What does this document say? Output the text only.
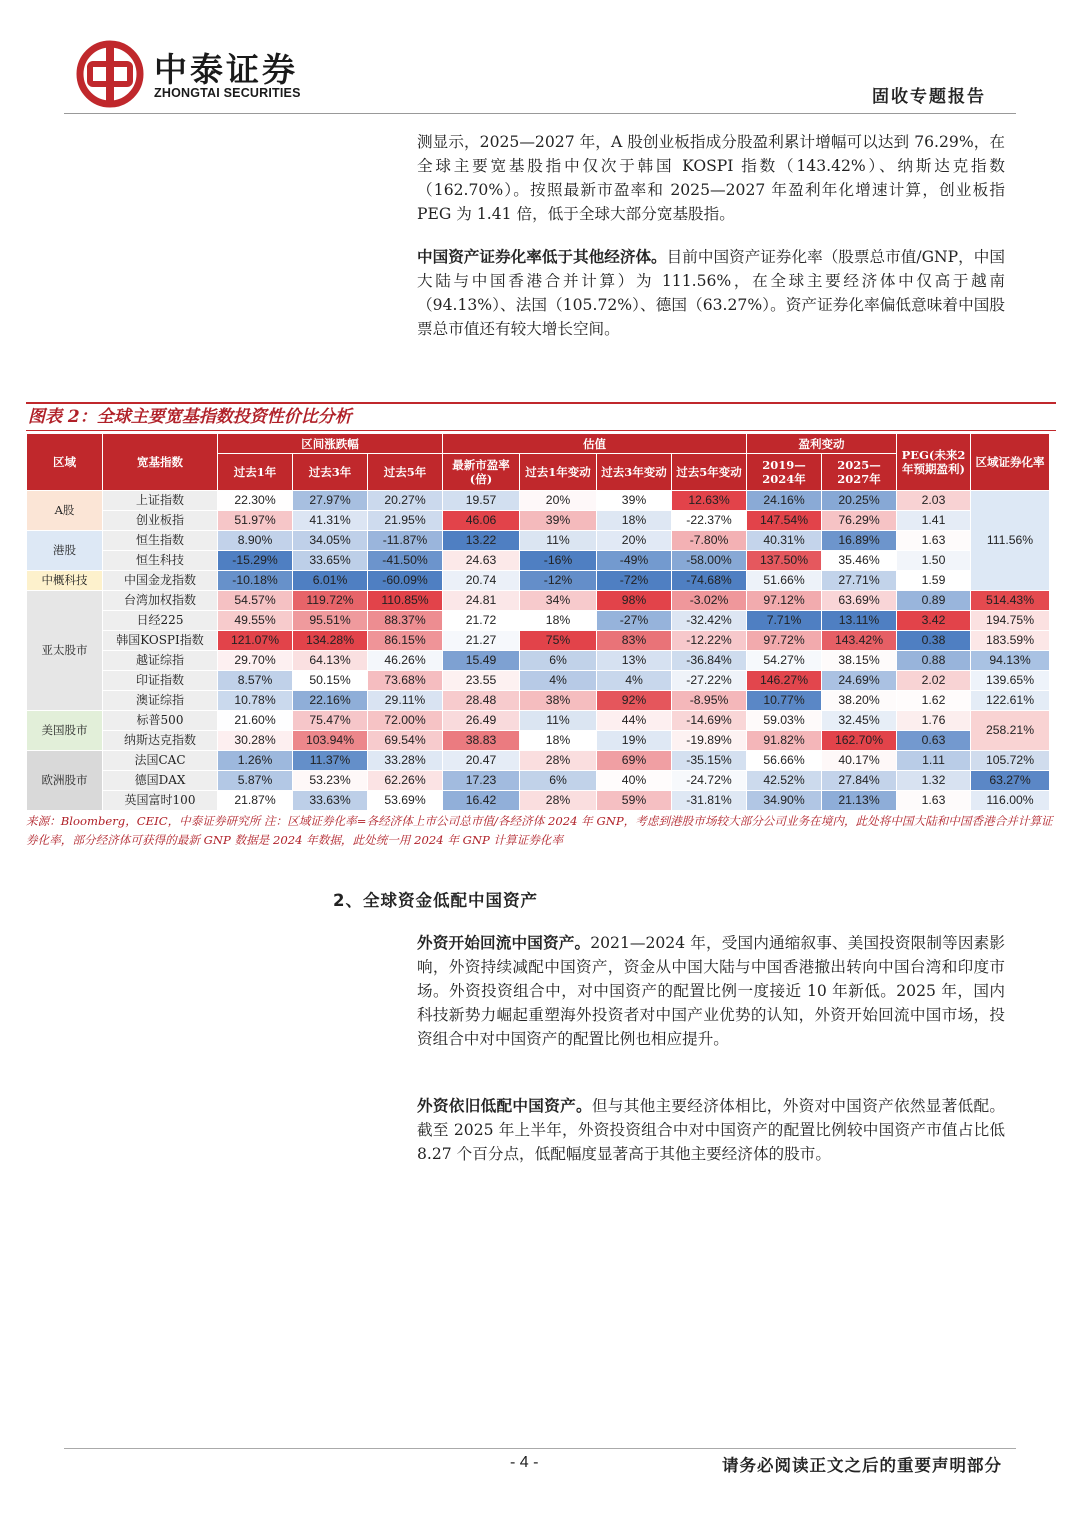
中泰证券
ZHONGTAI SECURITIES	固收专题报告
测显示，2025—2027 年，A 股创业板指成分股盈利累计增幅可以达到 76.29%，在全球主要宽基股指中仅次于韩国 KOSPI 指数（143.42%）、纳斯达克指数（162.70%）。按照最新市盈率和 2025—2027 年盈利年化增速计算，创业板指 PEG 为 1.41 倍，低于全球大部分宽基股指。
中国资产证券化率低于其他经济体。目前中国资产证券化率（股票总市值/GNP，中国大陆与中国香港合并计算）为 111.56%，在全球主要经济体中仅高于越南（94.13%）、法国（105.72%）、德国（63.27%）。资产证券化率偏低意味着中国股票总市值还有较大增长空间。
图表 2：全球主要宽基指数投资性价比分析
区域	宽基指数	区间涨跌幅			估值				盈利变动		PEG(未来2年预期盈利)	区域证券化率
		过去1年	过去3年	过去5年	最新市盈率(倍)	过去1年变动	过去3年变动	过去5年变动	2019—2024年	2025—2027年		
A股	上证指数	22.30%	27.97%	20.27%	19.57	20%	39%	12.63%	24.16%	20.25%	2.03	111.56%
	创业板指	51.97%	41.31%	21.95%	46.06	39%	18%	-22.37%	147.54%	76.29%	1.41	
港股	恒生指数	8.90%	34.05%	-11.87%	13.22	11%	20%	-7.80%	40.31%	16.89%	1.63	
	恒生科技	-15.29%	33.65%	-41.50%	24.63	-16%	-49%	-58.00%	137.50%	35.46%	1.50	
中概科技	中国金龙指数	-10.18%	6.01%	-60.09%	20.74	-12%	-72%	-74.68%	51.66%	27.71%	1.59	
亚太股市	台湾加权指数	54.57%	119.72%	110.85%	24.81	34%	98%	-3.02%	97.12%	63.69%	0.89	514.43%
	日经225	49.55%	95.51%	88.37%	21.72	18%	-27%	-32.42%	7.71%	13.11%	3.42	194.75%
	韩国KOSPI指数	121.07%	134.28%	86.15%	21.27	75%	83%	-12.22%	97.72%	143.42%	0.38	183.59%
	越证综指	29.70%	64.13%	46.26%	15.49	6%	13%	-36.84%	54.27%	38.15%	0.88	94.13%
	印证指数	8.57%	50.15%	73.68%	23.55	4%	4%	-27.22%	146.27%	24.69%	2.02	139.65%
	澳证综指	10.78%	22.16%	29.11%	28.48	38%	92%	-8.95%	10.77%	38.20%	1.62	122.61%
美国股市	标普500	21.60%	75.47%	72.00%	26.49	11%	44%	-14.69%	59.03%	32.45%	1.76	258.21%
	纳斯达克指数	30.28%	103.94%	69.54%	38.83	18%	19%	-19.89%	91.82%	162.70%	0.63	
欧洲股市	法国CAC	1.26%	11.37%	33.28%	20.47	28%	69%	-35.15%	56.66%	40.17%	1.11	105.72%
	德国DAX	5.87%	53.23%	62.26%	17.23	6%	40%	-24.72%	42.52%	27.84%	1.32	63.27%
	英国富时100	21.87%	33.63%	53.69%	16.42	28%	59%	-31.81%	34.90%	21.13%	1.63	116.00%
来源：Bloomberg，CEIC，中泰证券研究所 注：区域证券化率=各经济体上市公司总市值/各经济体 2024 年 GNP，考虑到港股市场较大部分公司业务在境内，此处将中国大陆和中国香港合并计算证券化率，部分经济体可获得的最新 GNP 数据是 2024 年数据，此处统一用 2024 年 GNP 计算证券化率
2、全球资金低配中国资产
外资开始回流中国资产。2021—2024 年，受国内通缩叙事、美国投资限制等因素影响，外资持续减配中国资产，资金从中国大陆与中国香港撤出转向中国台湾和印度市场。外资投资组合中，对中国资产的配置比例一度接近 10 年新低。2025 年，国内科技新势力崛起重塑海外投资者对中国产业优势的认知，外资开始回流中国市场，投资组合中对中国资产的配置比例也相应提升。
外资依旧低配中国资产。但与其他主要经济体相比，外资对中国资产依然显著低配。截至 2025 年上半年，外资投资组合中对中国资产的配置比例较中国资产市值占比低 8.27 个百分点，低配幅度显著高于其他主要经济体的股市。
- 4 -	请务必阅读正文之后的重要声明部分
